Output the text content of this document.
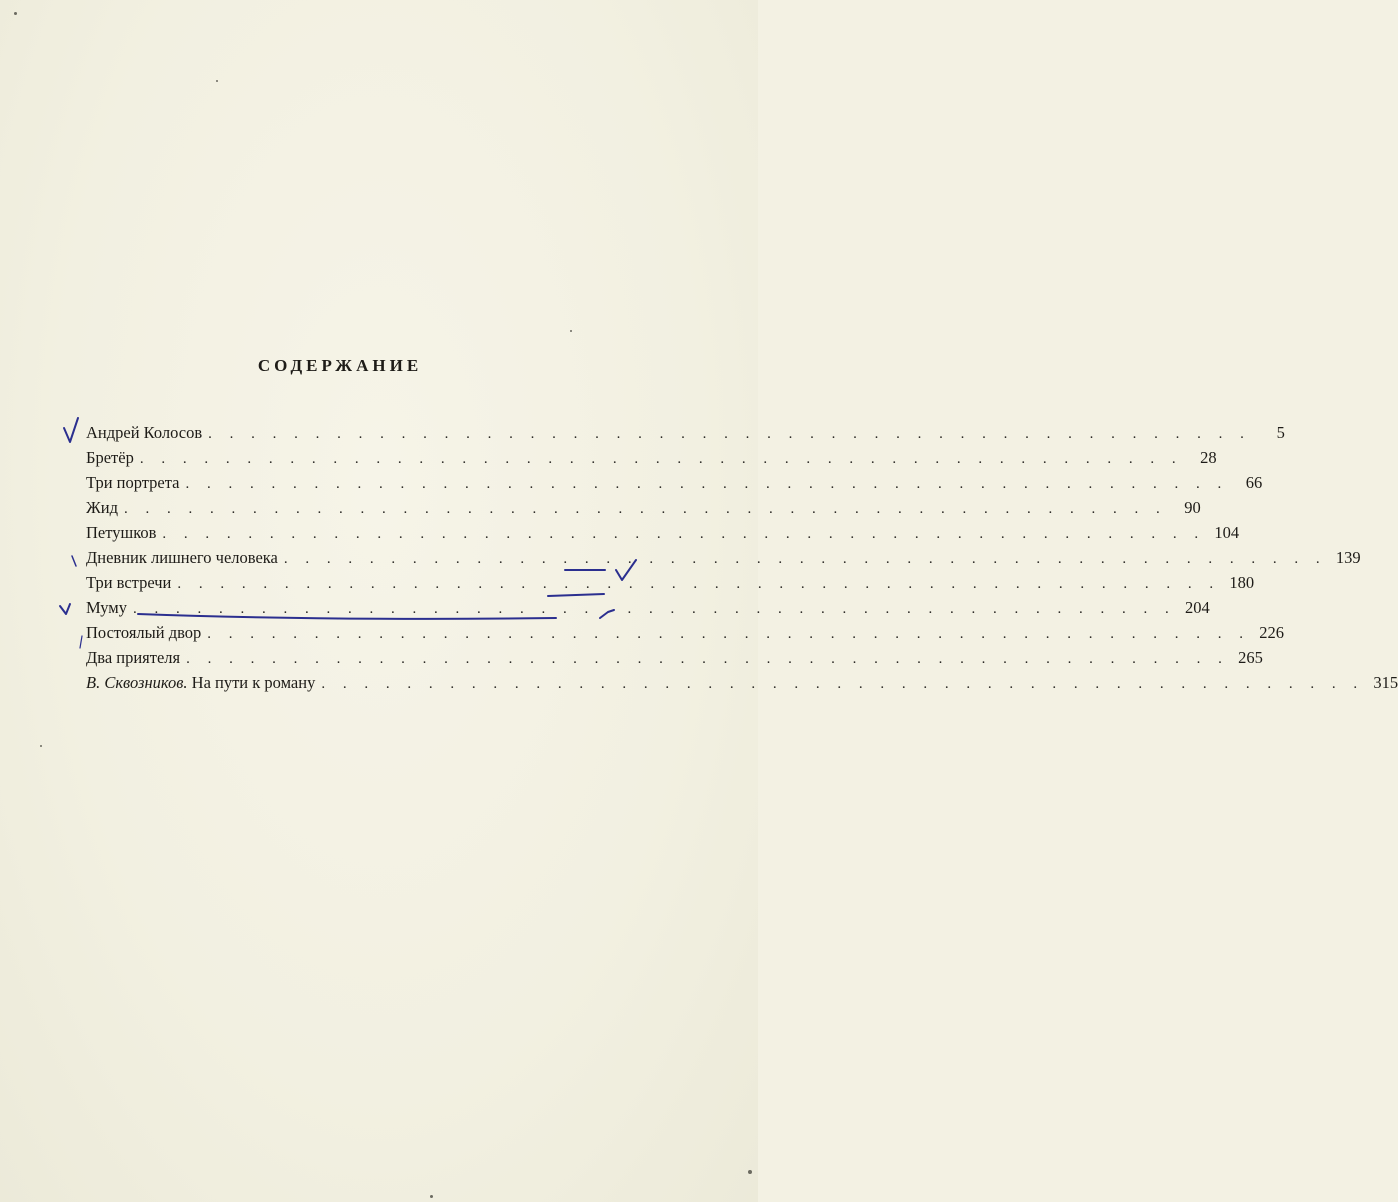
СОДЕРЖАНИЕ
Андрей Колосов . . . . . . . . . . . . . . . . . . . . . . . . . . . . . . . . . . . . . . . . . . . . . . . . .	5
Бретёр . . . . . . . . . . . . . . . . . . . . . . . . . . . . . . . . . . . . . . . . . . . . . . . . .	28
Три портрета . . . . . . . . . . . . . . . . . . . . . . . . . . . . . . . . . . . . . . . . . . . . . . . . .	66
Жид . . . . . . . . . . . . . . . . . . . . . . . . . . . . . . . . . . . . . . . . . . . . . . . . .	90
Петушков . . . . . . . . . . . . . . . . . . . . . . . . . . . . . . . . . . . . . . . . . . . . . . . . . 104
Дневник лишнего человека . . . . . . . . . . . . . . . . . . . . . . . . . . . . . . . . . . . . . . . . . . . . . . . . . 139
Три встречи . . . . . . . . . . . . . . . . . . . . . . . . . . . . . . . . . . . . . . . . . . . . . . . . . 180
Муму . . . . . . . . . . . . . . . . . . . . . . . . . . . . . . . . . . . . . . . . . . . . . . . . . 204
Постоялый двор . . . . . . . . . . . . . . . . . . . . . . . . . . . . . . . . . . . . . . . . . . . . . . . . . 226
Два приятеля . . . . . . . . . . . . . . . . . . . . . . . . . . . . . . . . . . . . . . . . . . . . . . . . . 265
В. Сквозников. На пути к роману . . . . . . . . . . . . . . . . . . . . . . . . . . . . . . . . . . . . . . . . . . . . . . . . . 315
